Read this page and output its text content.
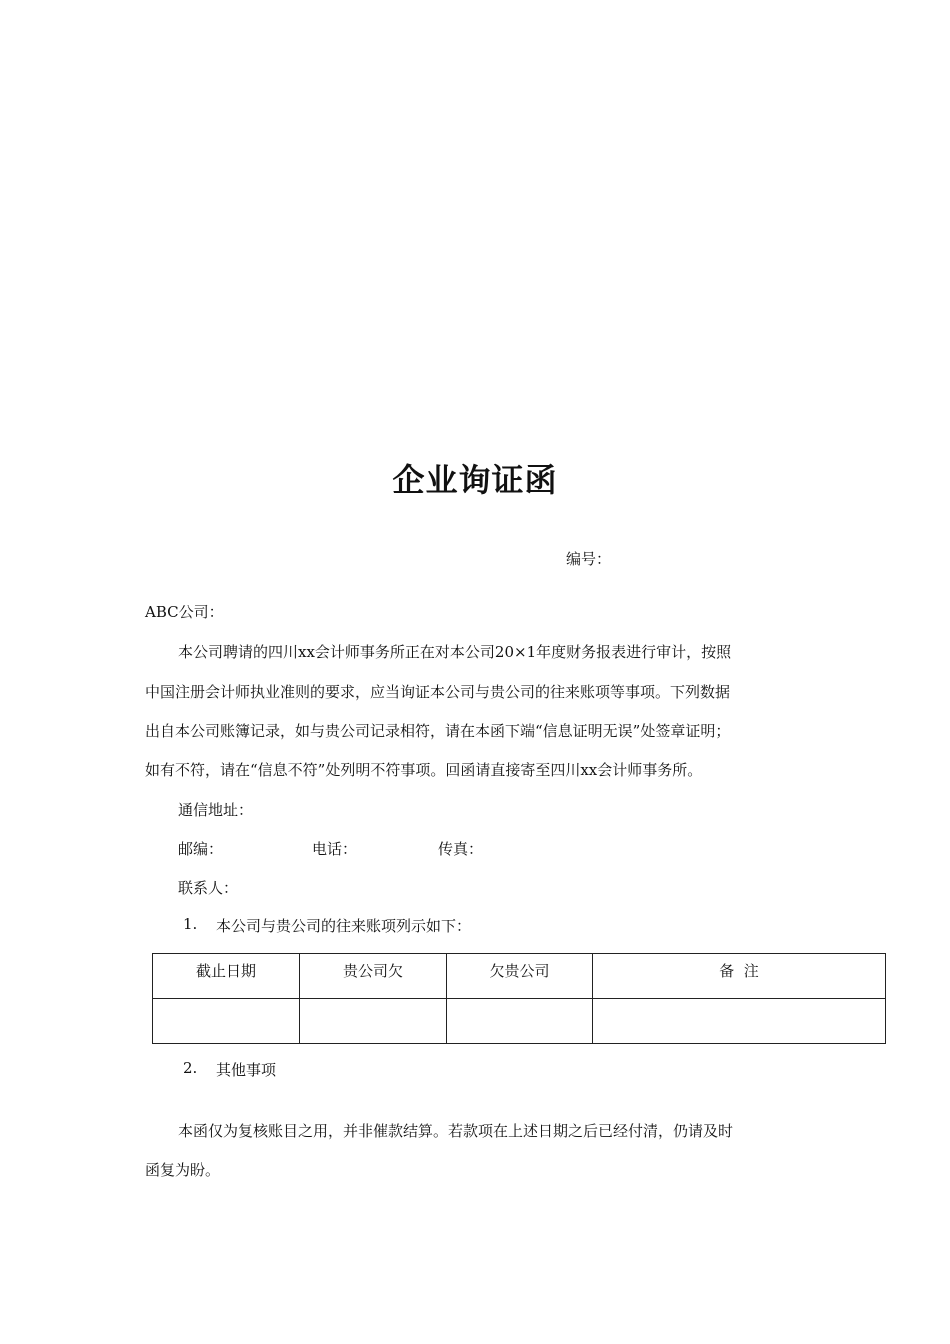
企业询证函
编号：
ABC公司：
本公司聘请的四川xx会计师事务所正在对本公司20×1年度财务报表进行审计，按照
中国注册会计师执业准则的要求，应当询证本公司与贵公司的往来账项等事项。下列数据
出自本公司账簿记录，如与贵公司记录相符，请在本函下端“信息证明无误”处签章证明；
如有不符，请在“信息不符”处列明不符事项。回函请直接寄至四川xx会计师事务所。
通信地址：
邮编：	电话：	传真：
联系人：
1. 本公司与贵公司的往来账项列示如下：
截止日期	贵公司欠	欠贵公司	备  注

2. 其他事项
本函仅为复核账目之用，并非催款结算。若款项在上述日期之后已经付清，仍请及时
函复为盼。
